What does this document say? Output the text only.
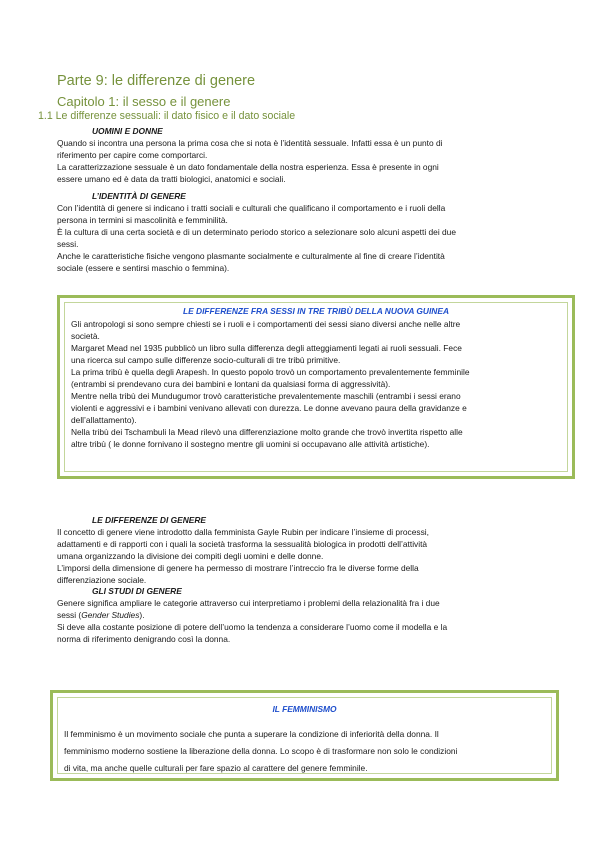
Parte 9: le differenze di genere
Capitolo 1: il sesso e il genere
1.1 Le differenze sessuali: il dato fisico e il dato sociale
UOMINI E DONNE
Quando si incontra una persona la prima cosa che si nota è l’identità sessuale. Infatti essa è un punto di
riferimento per capire come comportarci.
La caratterizzazione sessuale è un dato fondamentale della nostra esperienza. Essa è presente in ogni
essere umano ed è data da tratti biologici, anatomici e sociali.
L’IDENTITÀ DI GENERE
Con l’identità di genere si indicano i tratti sociali e culturali che qualificano il comportamento e i ruoli della
persona in termini si mascolinità e femminilità.
È la cultura di una certa società e di un determinato periodo storico a selezionare solo alcuni aspetti dei due
sessi.
Anche le caratteristiche fisiche vengono plasmante socialmente e culturalmente al fine di creare l’identità
sociale (essere e sentirsi maschio o femmina).
LE DIFFERENZE FRA SESSI IN TRE TRIBÙ DELLA NUOVA GUINEA
Gli antropologi si sono sempre chiesti se i ruoli e i comportamenti dei sessi siano diversi anche nelle altre
società.
Margaret Mead nel 1935 pubblicò un libro sulla differenza degli atteggiamenti legati ai ruoli sessuali. Fece
una ricerca sul campo sulle differenze socio-culturali di tre tribù primitive.
La prima tribù è quella degli Arapesh. In questo popolo trovò un comportamento prevalentemente femminile
(entrambi si prendevano cura dei bambini e lontani da qualsiasi forma di aggressività).
Mentre nella tribù dei Mundugumor trovò caratteristiche prevalentemente maschili (entrambi i sessi erano
violenti e aggressivi e i bambini venivano allevati con durezza. Le donne avevano paura della gravidanze e
dell’allattamento).
Nella tribù dei Tschambuli la Mead rilevò una differenziazione molto grande che trovò invertita rispetto alle
altre tribù ( le donne fornivano il sostegno mentre gli uomini si occupavano alle attività artistiche).
LE DIFFERENZE DI GENERE
Il concetto di genere viene introdotto dalla femminista Gayle Rubin per indicare l’insieme di processi,
adattamenti e di rapporti con i quali la società trasforma la sessualità biologica in prodotti dell’attività
umana organizzando la divisione dei compiti degli uomini e delle donne.
L’imporsi della dimensione di genere ha permesso di mostrare l’intreccio fra le diverse forme della
differenziazione sociale.
GLI STUDI DI GENERE
Genere significa ampliare le categorie attraverso cui interpretiamo i problemi della relazionalità fra i due
sessi (Gender Studies).
Si deve alla costante posizione di potere dell’uomo la tendenza a considerare l’uomo come il modella e la
norma di riferimento denigrando così la donna.
IL FEMMINISMO
Il femminismo è un movimento sociale che punta a superare la condizione di inferiorità della donna. Il
femminismo moderno sostiene la liberazione della donna. Lo scopo è di trasformare non solo le condizioni
di vita, ma anche quelle culturali per fare spazio al carattere del genere femminile.
